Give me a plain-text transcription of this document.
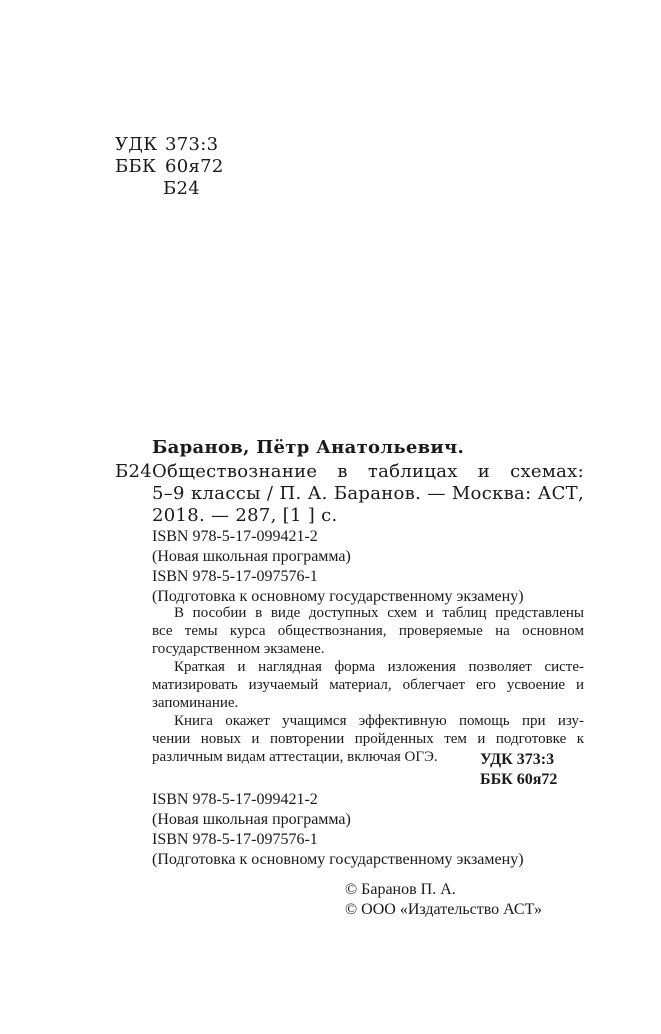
УДК 373:3
ББК 60я72
Б24
Баранов, Пётр Анатольевич.
Б24 Обществознание в таблицах и схемах:
5–9 классы / П. А. Баранов. — Москва: АСТ,
2018. — 287, [1 ] с.
ISBN 978-5-17-099421-2
(Новая школьная программа)
ISBN 978-5-17-097576-1
(Подготовка к основному государственному экзамену)
В пособии в виде доступных схем и таблиц представлены
все темы курса обществознания, проверяемые на основном
государственном экзамене.
Краткая и наглядная форма изложения позволяет систе-
матизировать изучаемый материал, облегчает его усвоение и
запоминание.
Книга окажет учащимся эффективную помощь при изу-
чении новых и повторении пройденных тем и подготовке к
различным видам аттестации, включая ОГЭ.	УДК 373:3
ББК 60я72
ISBN 978-5-17-099421-2
(Новая школьная программа)
ISBN 978-5-17-097576-1
(Подготовка к основному государственному экзамену)
© Баранов П. А.
© ООО «Издательство АСТ»
